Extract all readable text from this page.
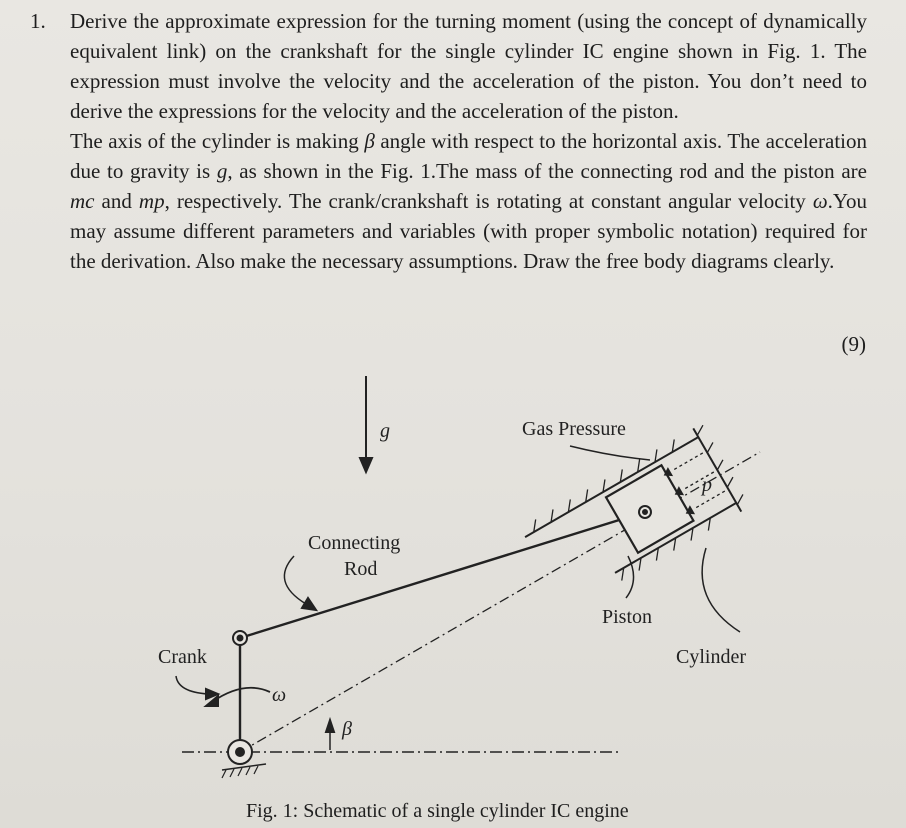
1. Derive the approximate expression for the turning moment (using the concept of dynamically equivalent link) on the crankshaft for the single cylinder IC engine shown in Fig. 1. The expression must involve the velocity and the acceleration of the piston. You don’t need to derive the expressions for the velocity and the acceleration of the piston.

The axis of the cylinder is making β angle with respect to the horizontal axis. The acceleration due to gravity is g, as shown in the Fig. 1.The mass of the connecting rod and the piston are mc and mp, respectively. The crank/crankshaft is rotating at constant angular velocity ω.You may assume different parameters and variables (with proper symbolic notation) required for the derivation. Also make the necessary assumptions. Draw the free body diagrams clearly.

(9)
g	Gas Pressure
Connecting
Rod
Piston
Cylinder
Crank
ω
β
p
Fig. 1: Schematic of a single cylinder IC engine
